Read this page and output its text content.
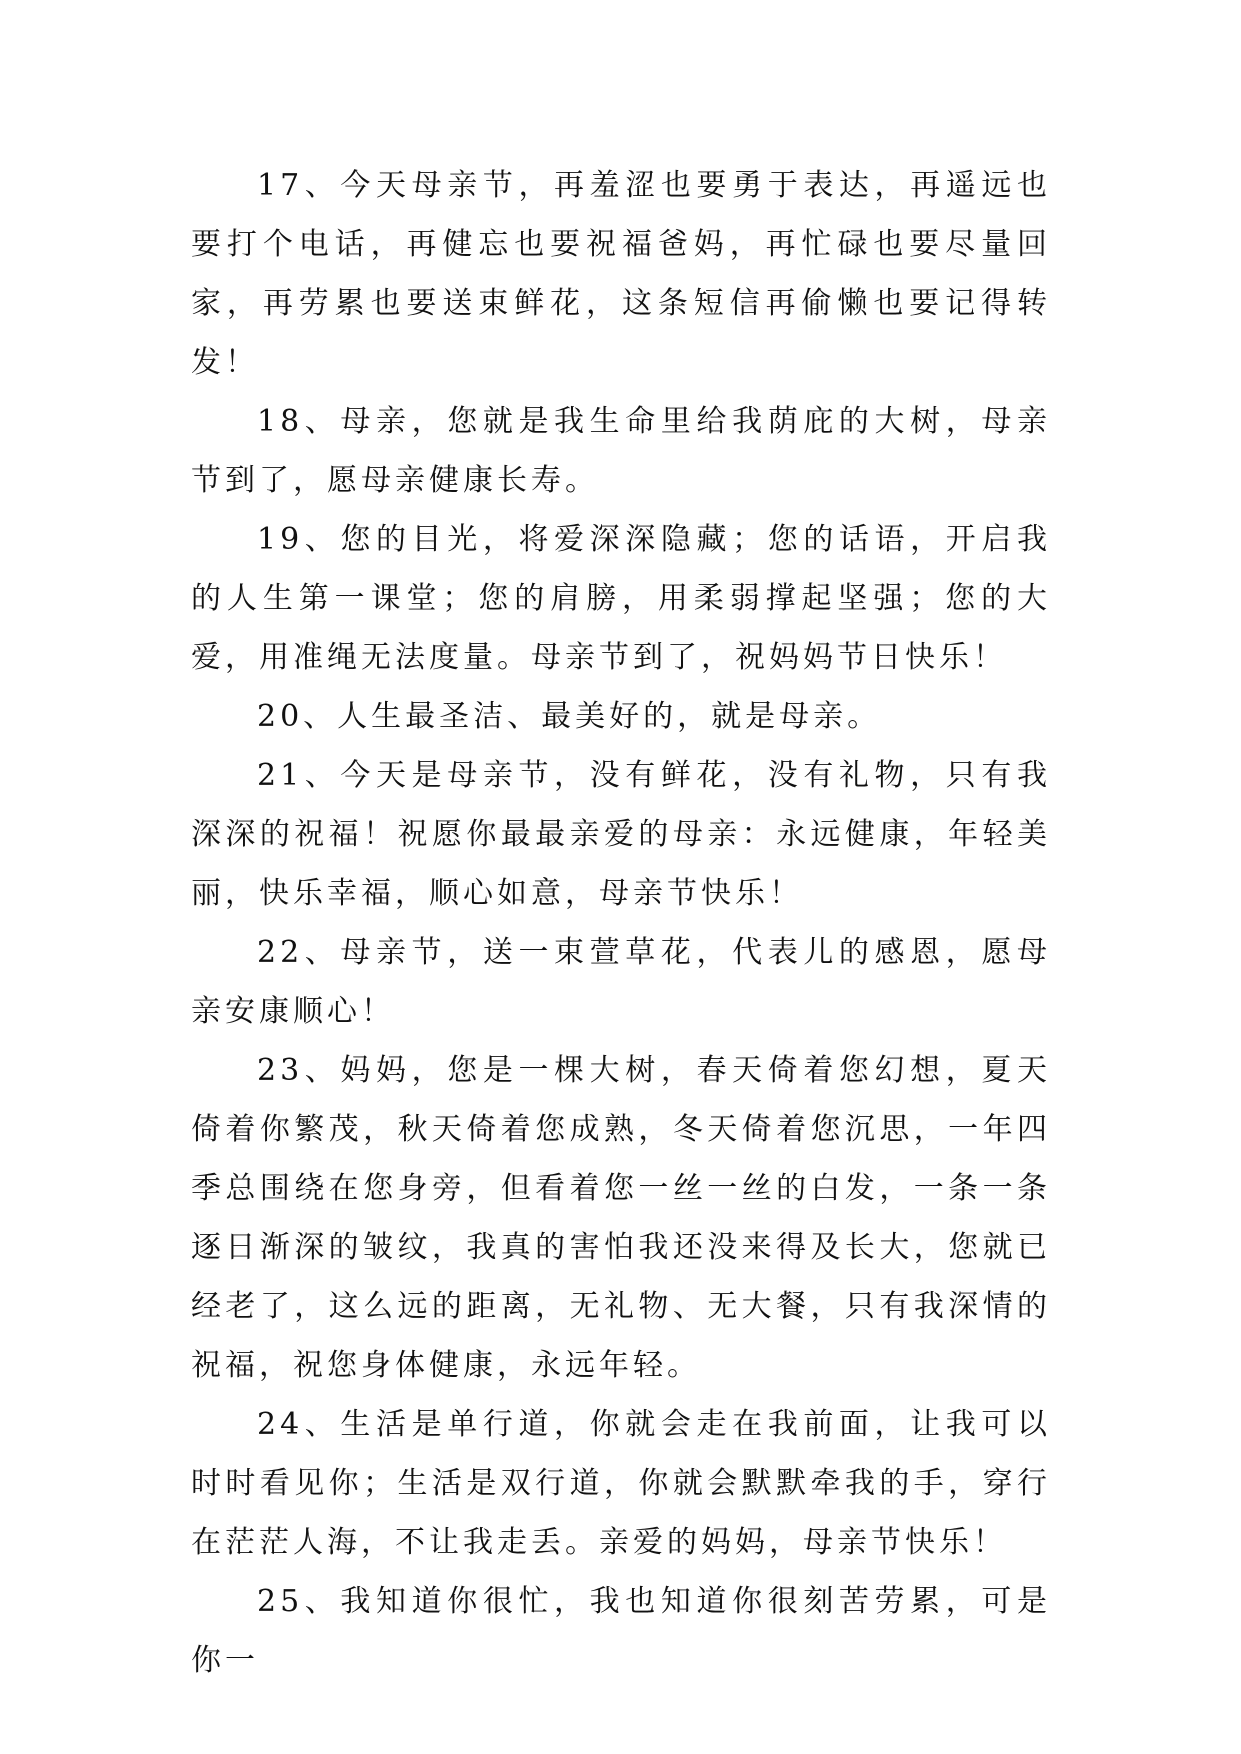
17、今天母亲节，再羞涩也要勇于表达，再遥远也要打个电话，再健忘也要祝福爸妈，再忙碌也要尽量回家，再劳累也要送束鲜花，这条短信再偷懒也要记得转发！

18、母亲，您就是我生命里给我荫庇的大树，母亲节到了，愿母亲健康长寿。

19、您的目光，将爱深深隐藏；您的话语，开启我的人生第一课堂；您的肩膀，用柔弱撑起坚强；您的大爱，用准绳无法度量。母亲节到了，祝妈妈节日快乐！

20、人生最圣洁、最美好的，就是母亲。

21、今天是母亲节，没有鲜花，没有礼物，只有我深深的祝福！祝愿你最最亲爱的母亲：永远健康，年轻美丽，快乐幸福，顺心如意，母亲节快乐！

22、母亲节，送一束萱草花，代表儿的感恩，愿母亲安康顺心！

23、妈妈，您是一棵大树，春天倚着您幻想，夏天倚着你繁茂，秋天倚着您成熟，冬天倚着您沉思，一年四季总围绕在您身旁，但看着您一丝一丝的白发，一条一条逐日渐深的皱纹，我真的害怕我还没来得及长大，您就已经老了，这么远的距离，无礼物、无大餐，只有我深情的祝福，祝您身体健康，永远年轻。

24、生活是单行道，你就会走在我前面，让我可以时时看见你；生活是双行道，你就会默默牵我的手，穿行在茫茫人海，不让我走丢。亲爱的妈妈，母亲节快乐！

25、我知道你很忙，我也知道你很刻苦劳累，可是你一
